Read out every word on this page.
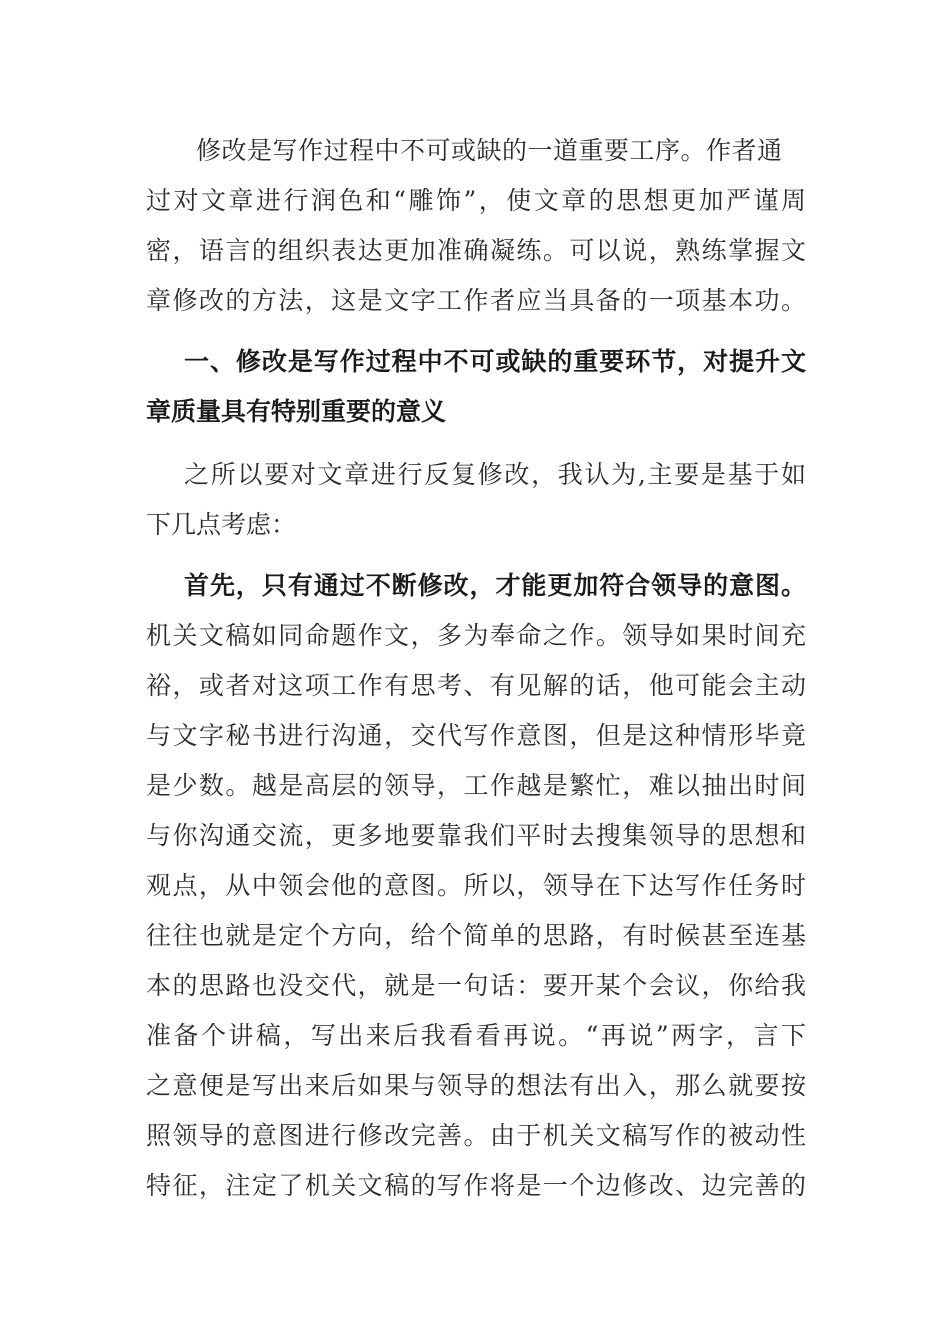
修改是写作过程中不可或缺的一道重要工序。作者通
过对文章进行润色和“雕饰”，使文章的思想更加严谨周
密，语言的组织表达更加准确凝练。可以说，熟练掌握文
章修改的方法，这是文字工作者应当具备的一项基本功。
一、修改是写作过程中不可或缺的重要环节，对提升文
章质量具有特别重要的意义
之所以要对文章进行反复修改，我认为,主要是基于如
下几点考虑：
首先，只有通过不断修改，才能更加符合领导的意图。
机关文稿如同命题作文，多为奉命之作。领导如果时间充
裕，或者对这项工作有思考、有见解的话，他可能会主动
与文字秘书进行沟通，交代写作意图，但是这种情形毕竟
是少数。越是高层的领导，工作越是繁忙，难以抽出时间
与你沟通交流，更多地要靠我们平时去搜集领导的思想和
观点，从中领会他的意图。所以，领导在下达写作任务时
往往也就是定个方向，给个简单的思路，有时候甚至连基
本的思路也没交代，就是一句话：要开某个会议，你给我
准备个讲稿，写出来后我看看再说。“再说”两字，言下
之意便是写出来后如果与领导的想法有出入，那么就要按
照领导的意图进行修改完善。由于机关文稿写作的被动性
特征，注定了机关文稿的写作将是一个边修改、边完善的
